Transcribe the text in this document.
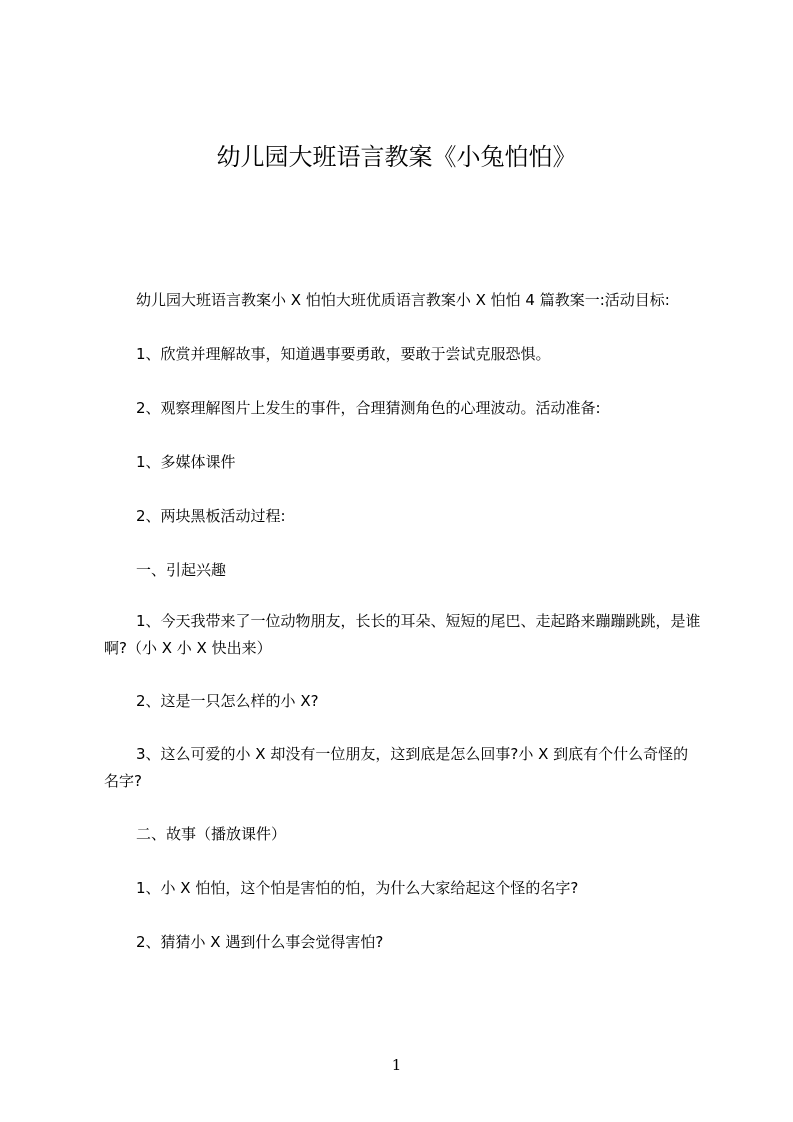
幼儿园大班语言教案《小兔怕怕》
幼儿园大班语言教案小 X 怕怕大班优质语言教案小 X 怕怕 4 篇教案一:活动目标:
1、欣赏并理解故事，知道遇事要勇敢，要敢于尝试克服恐惧。
2、观察理解图片上发生的事件，合理猜测角色的心理波动。活动准备:
1、多媒体课件
2、两块黑板活动过程:
一、引起兴趣
1、今天我带来了一位动物朋友，长长的耳朵、短短的尾巴、走起路来蹦蹦跳跳，是谁啊?（小 X 小 X 快出来）
2、这是一只怎么样的小 X?
3、这么可爱的小 X 却没有一位朋友，这到底是怎么回事?小 X 到底有个什么奇怪的名字?
二、故事（播放课件）
1、小 X 怕怕，这个怕是害怕的怕，为什么大家给起这个怪的名字?
2、猜猜小 X 遇到什么事会觉得害怕?
1
